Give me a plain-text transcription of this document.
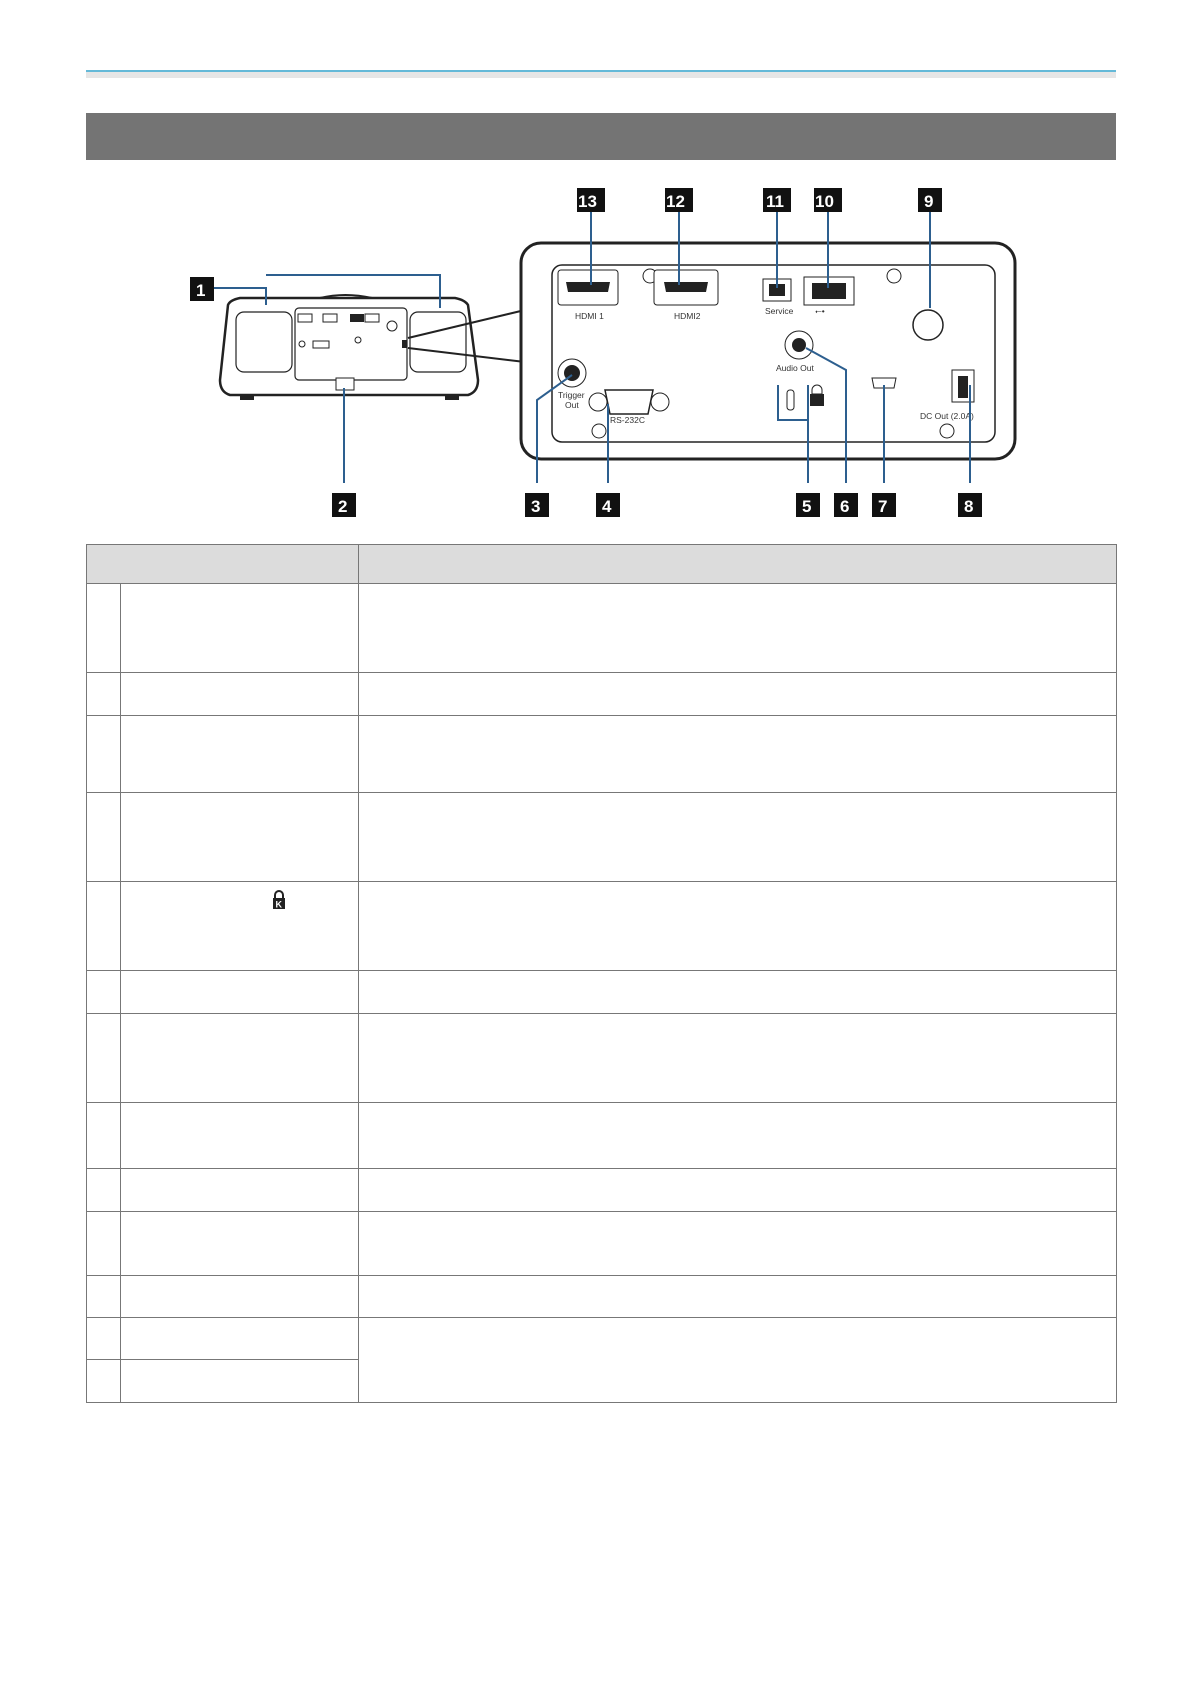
HDMI 1	HDMI2	Service	⭠•
Trigger
Out
RS-232C
Audio Out
DC Out (2.0A)
1
2	3	4	5 6 7	8
9
10
11
12
13

K	
